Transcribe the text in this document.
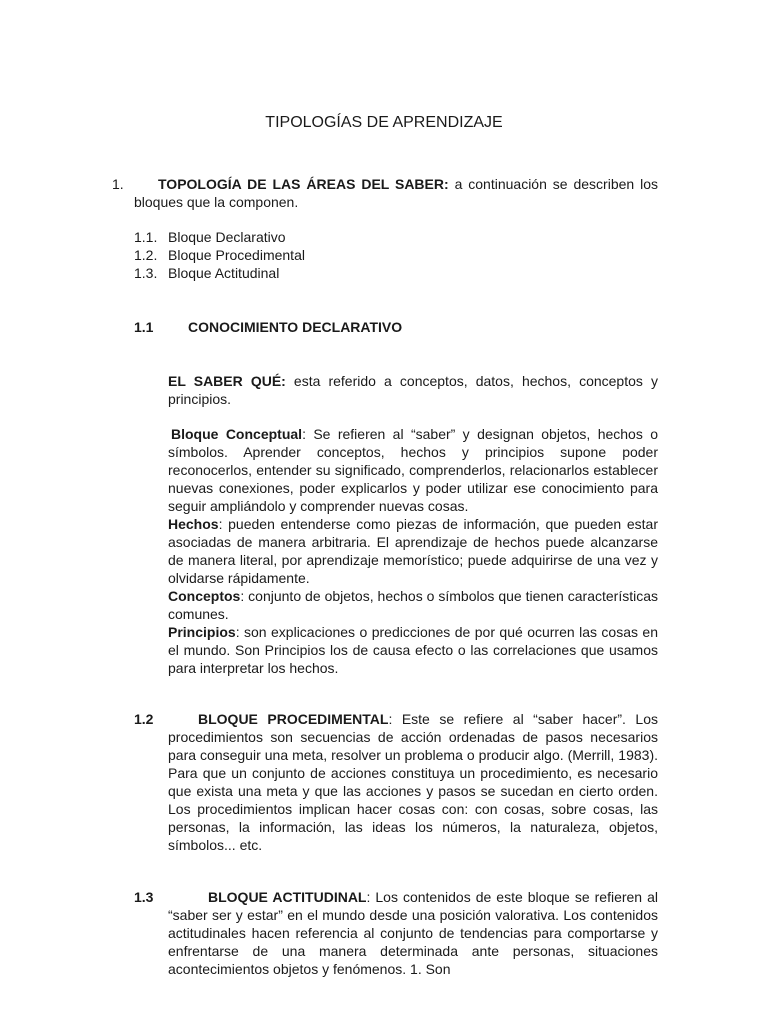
TIPOLOGÍAS DE APRENDIZAJE
1.	TOPOLOGÍA DE LAS ÁREAS DEL SABER: a continuación se describen los bloques que la componen.
1.1. Bloque Declarativo
1.2. Bloque Procedimental
1.3. Bloque Actitudinal
1.1 CONOCIMIENTO DECLARATIVO
EL SABER QUÉ: esta referido a conceptos, datos, hechos, conceptos y principios.
Bloque Conceptual: Se refieren al “saber” y designan objetos, hechos o símbolos. Aprender conceptos, hechos y principios supone poder reconocerlos, entender su significado, comprenderlos, relacionarlos establecer nuevas conexiones, poder explicarlos y poder utilizar ese conocimiento para seguir ampliándolo y comprender nuevas cosas.
Hechos: pueden entenderse como piezas de información, que pueden estar asociadas de manera arbitraria. El aprendizaje de hechos puede alcanzarse de manera literal, por aprendizaje memorístico; puede adquirirse de una vez y olvidarse rápidamente.
Conceptos: conjunto de objetos, hechos o símbolos que tienen características comunes.
Principios: son explicaciones o predicciones de por qué ocurren las cosas en el mundo. Son Principios los de causa efecto o las correlaciones que usamos para interpretar los hechos.
1.2	BLOQUE PROCEDIMENTAL: Este se refiere al “saber hacer”. Los procedimientos son secuencias de acción ordenadas de pasos necesarios para conseguir una meta, resolver un problema o producir algo. (Merrill, 1983). Para que un conjunto de acciones constituya un procedimiento, es necesario que exista una meta y que las acciones y pasos se sucedan en cierto orden. Los procedimientos implican hacer cosas con: con cosas, sobre cosas, las personas, la información, las ideas los números, la naturaleza, objetos, símbolos... etc.
1.3	BLOQUE ACTITUDINAL: Los contenidos de este bloque se refieren al “saber ser y estar” en el mundo desde una posición valorativa. Los contenidos actitudinales hacen referencia al conjunto de tendencias para comportarse y enfrentarse de una manera determinada ante personas, situaciones acontecimientos objetos y fenómenos. 1. Son
